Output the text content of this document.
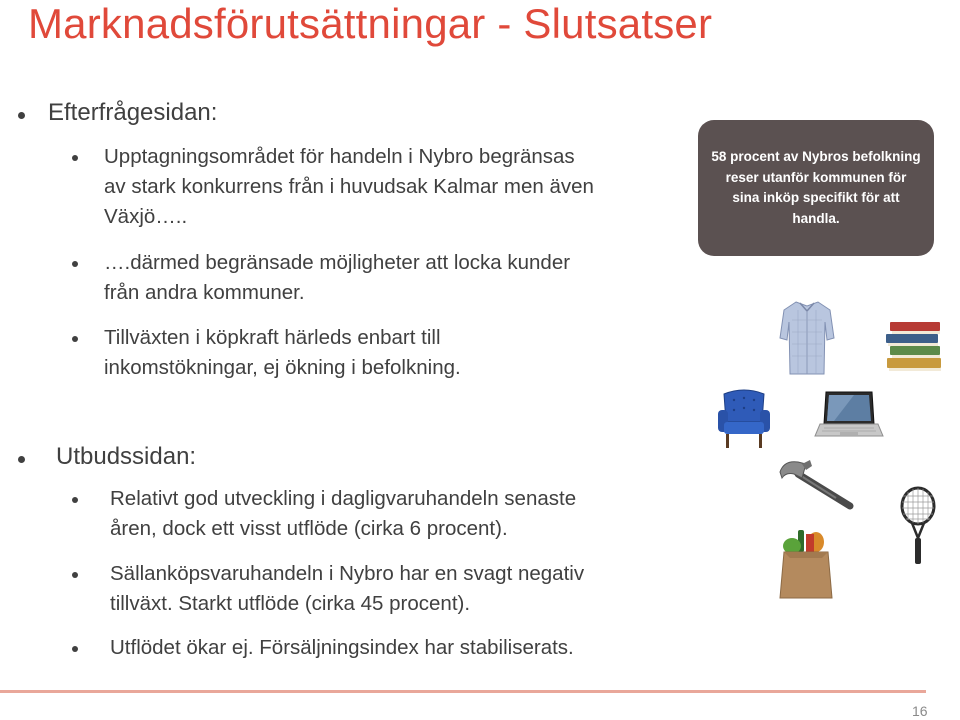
Marknadsförutsättningar - Slutsatser
Efterfrågesidan:
Upptagningsområdet för handeln i Nybro begränsas
av stark konkurrens från i huvudsak Kalmar men även
Växjö…..
….därmed begränsade möjligheter att locka kunder
från andra kommuner.
Tillväxten i köpkraft härleds enbart till
inkomstökningar, ej ökning i befolkning.
Utbudssidan:
Relativt god utveckling i dagligvaruhandeln senaste
åren, dock ett visst utflöde (cirka 6 procent).
Sällanköpsvaruhandeln i Nybro har en svagt negativ
tillväxt. Starkt utflöde (cirka 45 procent).
Utflödet ökar ej. Försäljningsindex har stabiliserats.
58 procent av Nybros befolkning reser utanför kommunen för sina inköp specifikt för att handla.
16
